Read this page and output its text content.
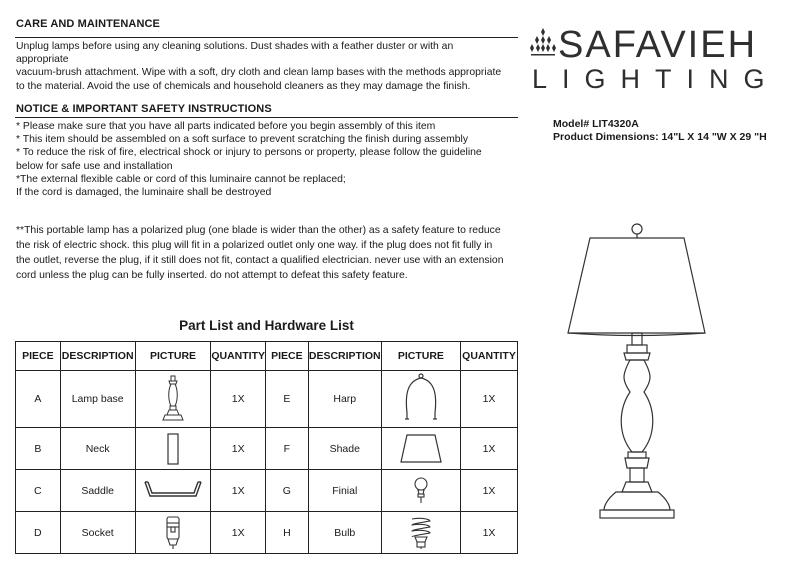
CARE AND MAINTENANCE
Unplug lamps before using any cleaning solutions. Dust shades with a feather duster or with an
appropriate
vacuum-brush attachment. Wipe with a soft, dry cloth and clean lamp bases with the methods appropriate
to the material. Avoid the use of chemicals and household cleaners as they may damage the finish.
NOTICE & IMPORTANT SAFETY INSTRUCTIONS
* Please make sure that you have all parts indicated before you begin assembly of this item
* This item should be assembled on a soft surface to prevent scratching the finish during assembly
* To reduce the risk of fire, electrical shock or injury to persons or property, please follow the guideline
below for safe use and installation
*The external flexible cable or cord of this luminaire cannot be replaced;
If the cord is damaged, the luminaire shall be destroyed
**This portable lamp has a polarized plug (one blade is wider than the other) as a safety feature to reduce
the risk of electric shock. this plug will fit in a polarized outlet only one way. if the plug does not fit fully in
the outlet, reverse the plug, if it still does not fit, contact a qualified electrician. never use with an extension
cord unless the plug can be fully inserted. do not attempt to defeat this safety feature.
SAFAVIEH
LIGHTING
Model# LIT4320A
Product Dimensions: 14"L X 14 "W X 29 "H
Part List and Hardware List
PIECE	DESCRIPTION	PICTURE	QUANTITY	PIECE	DESCRIPTION	PICTURE	QUANTITY
A	Lamp base		1X	E	Harp		1X
B	Neck		1X	F	Shade		1X
C	Saddle		1X	G	Finial		1X
D	Socket		1X	H	Bulb		1X
